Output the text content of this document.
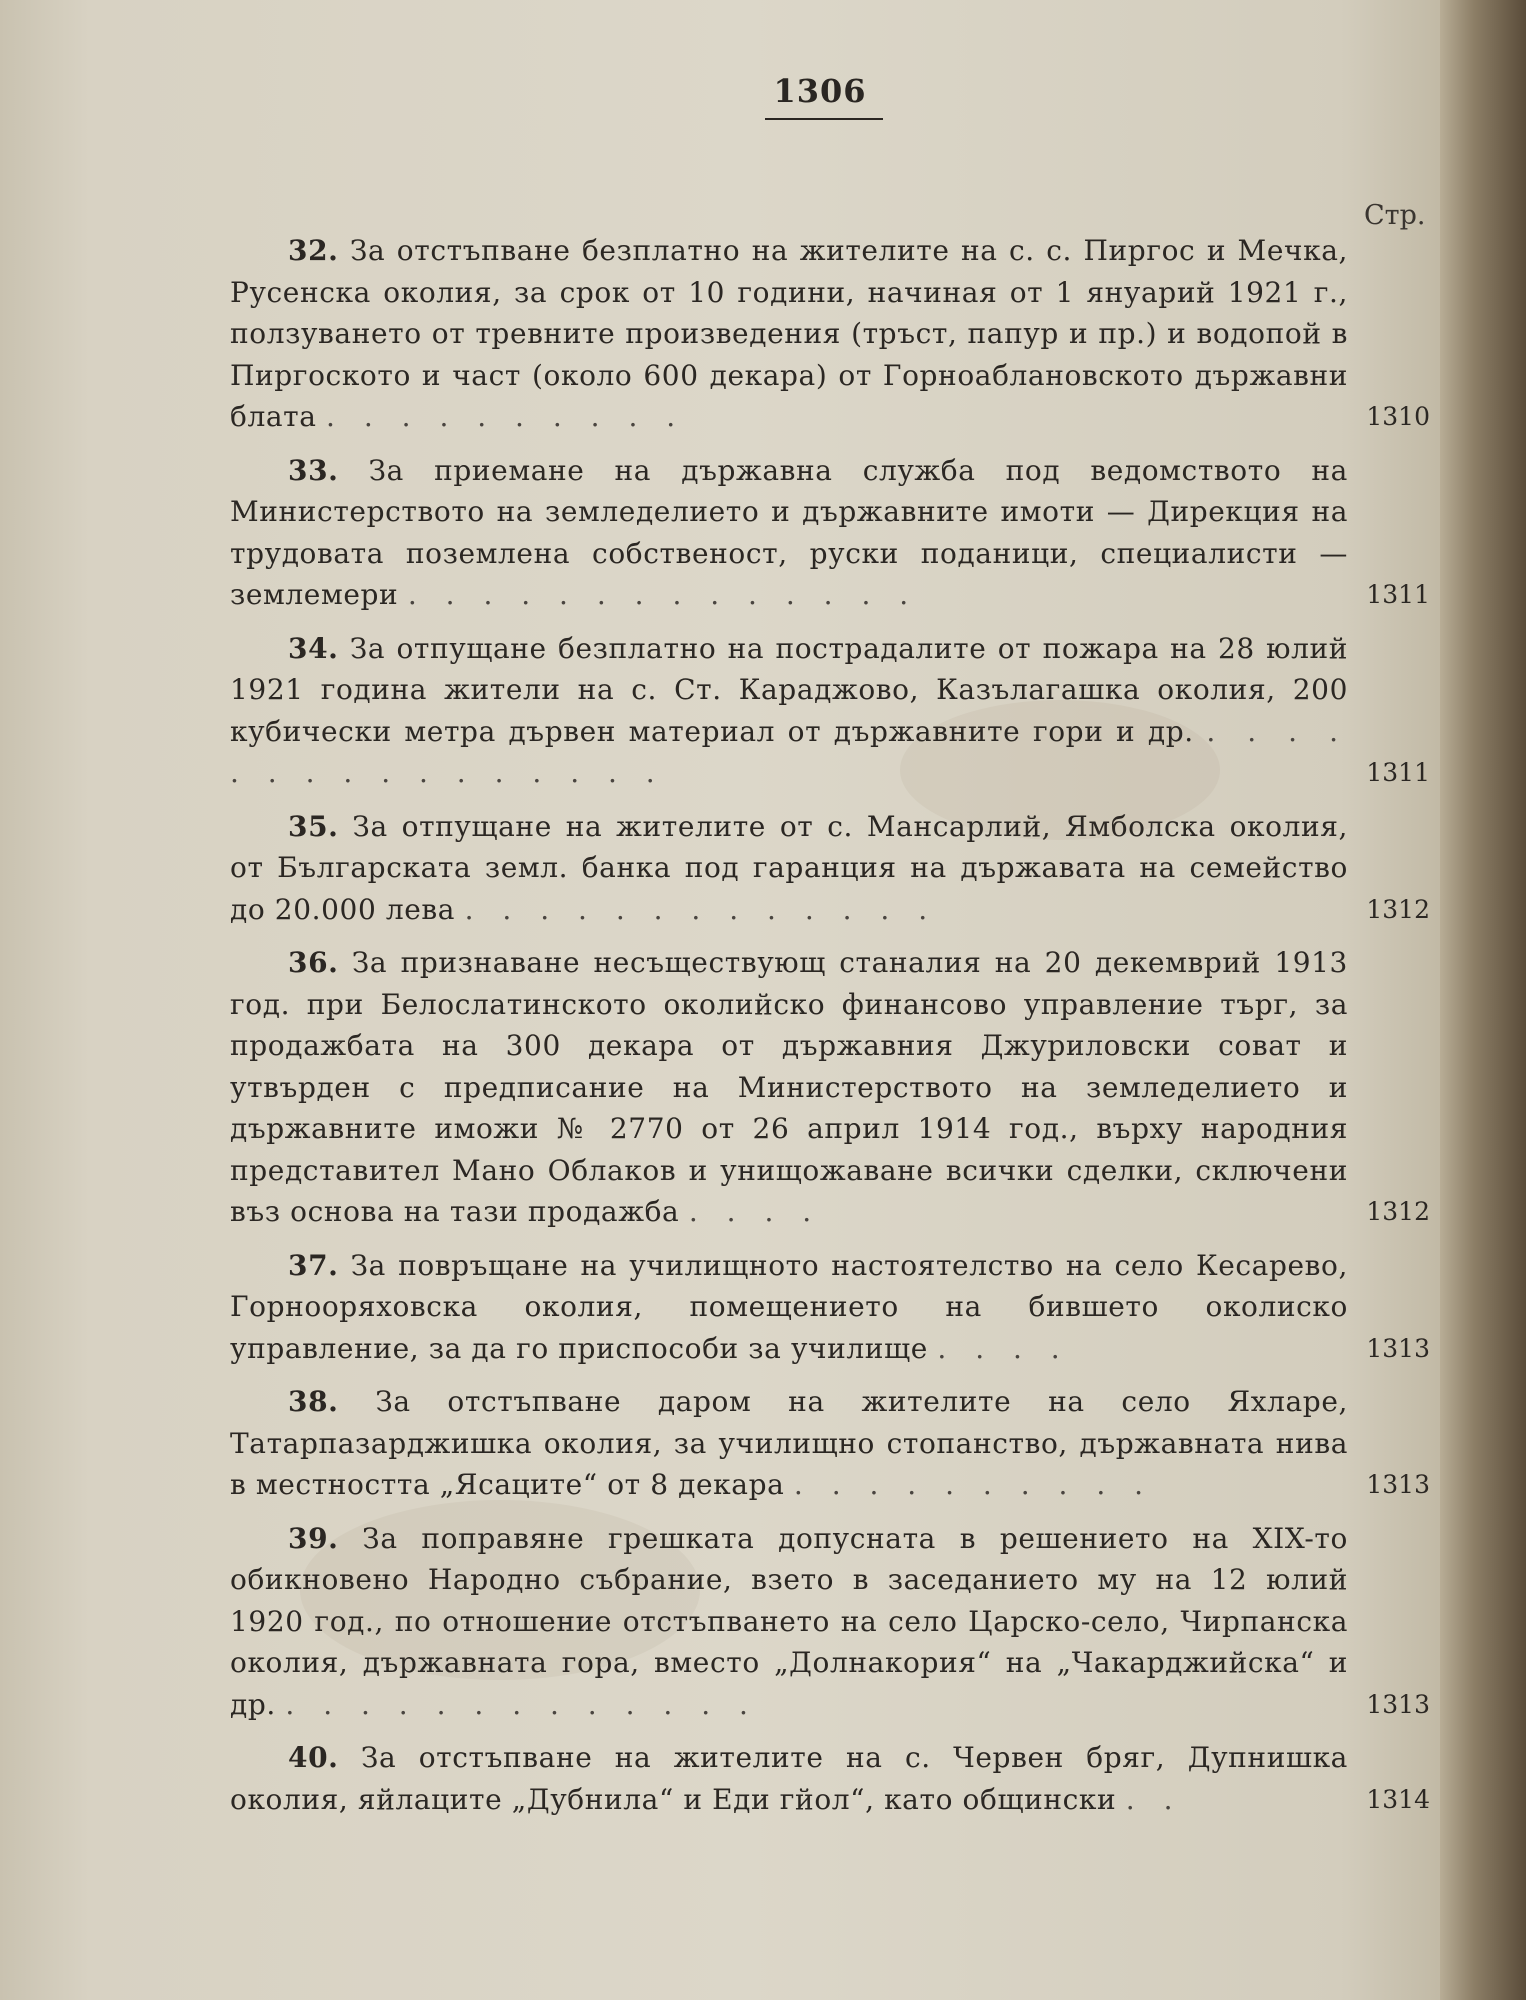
1306
Стр.
32. За отстъпване безплатно на жителите на с. с. Пиргос и Мечка, Русенска околия, за срок от 10 години, начиная от 1 януарий 1921 г., ползуването от тревните произведения (тръст, папур и пр.) и водопой в Пиргоското и част (около 600 декара) от Горноаблановското държавни блата . . . . . . . . . .	1310
33. За приемане на държавна служба под ведомството на Министерството на земледелието и държавните имоти — Дирекция на трудовата поземлена собственост, руски поданици, специалисти — землемери . . . . . . . . . . . . . .	1311
34. За отпущане безплатно на пострадалите от пожара на 28 юлий 1921 година жители на с. Ст. Караджово, Казълагашка околия, 200 кубически метра дървен материал от държавните гори и др. . . . . . . . . . . . . . . . .	1311
35. За отпущане на жителите от с. Мансарлий, Ямболска околия, от Българската земл. банка под гаранция на държавата на семейство до 20.000 лева . . . . . . . . . . . . .	1312
36. За признаване несъществующ станалия на 20 декемврий 1913 год. при Белослатинското околийско финансово управление търг, за продажбата на 300 декара от държавния Джуриловски соват и утвърден с предписание на Министерството на земледелието и държавните иможи № 2770 от 26 април 1914 год., върху народния представител Мано Облаков и унищожаване всички сделки, сключени въз основа на тази продажба . . . .	1312
37. За повръщане на училищното настоятелство на село Кесарево, Горнооряховска околия, помещението на бившето околиско управление, за да го приспособи за училище . . . .	1313
38. За отстъпване даром на жителите на село Яхларе, Татарпазарджишка околия, за училищно стопанство, държавната нива в местността „Ясаците“ от 8 декара . . . . . . . . . .	1313
39. За поправяне грешката допусната в решението на XIX-то обикновено Народно събрание, взето в заседанието му на 12 юлий 1920 год., по отношение отстъпването на село Царско-село, Чирпанска околия, държавната гора, вместо „Долнакория“ на „Чакарджийска“ и др. . . . . . . . . . . . . .	1313
40. За отстъпване на жителите на с. Червен бряг, Дупнишка околия, яйлаците „Дубнила“ и Еди гйол“, като общински . .	1314
